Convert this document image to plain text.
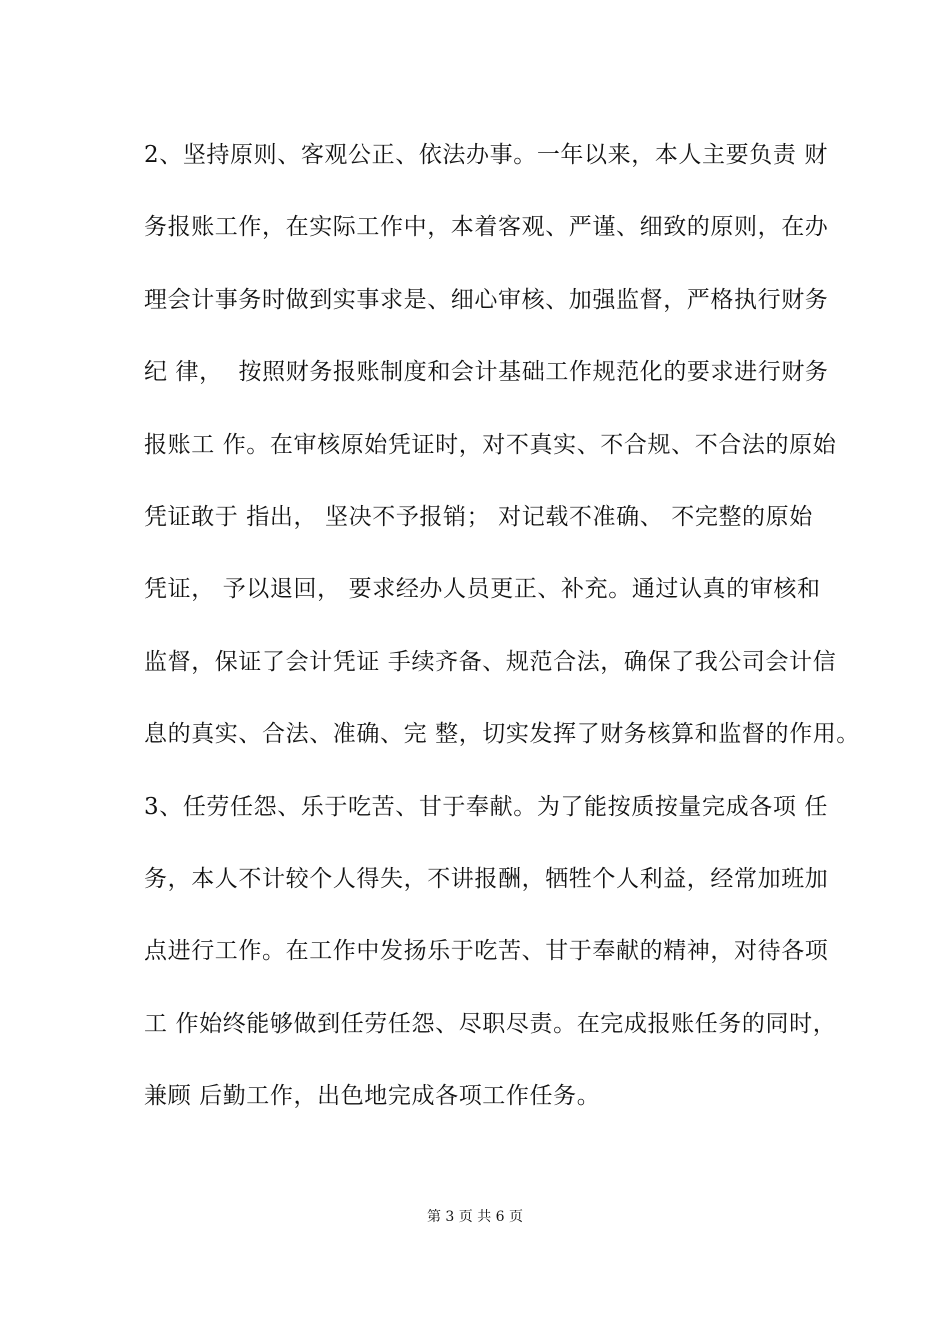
2、坚持原则、客观公正、依法办事。一年以来，本人主要负责 财
务报账工作，在实际工作中，本着客观、严谨、细致的原则，在办
理会计事务时做到实事求是、细心审核、加强监督，严格执行财务
纪 律，  按照财务报账制度和会计基础工作规范化的要求进行财务
报账工 作。在审核原始凭证时，对不真实、不合规、不合法的原始
凭证敢于 指出， 坚决不予报销； 对记载不准确、 不完整的原始
凭证， 予以退回， 要求经办人员更正、补充。通过认真的审核和
监督，保证了会计凭证 手续齐备、规范合法，确保了我公司会计信
息的真实、合法、准确、完 整，切实发挥了财务核算和监督的作用。
3、任劳任怨、乐于吃苦、甘于奉献。为了能按质按量完成各项 任
务，本人不计较个人得失，不讲报酬，牺牲个人利益，经常加班加
点进行工作。在工作中发扬乐于吃苦、甘于奉献的精神，对待各项
工 作始终能够做到任劳任怨、尽职尽责。在完成报账任务的同时，
兼顾 后勤工作，出色地完成各项工作任务。
第 3 页 共 6 页
